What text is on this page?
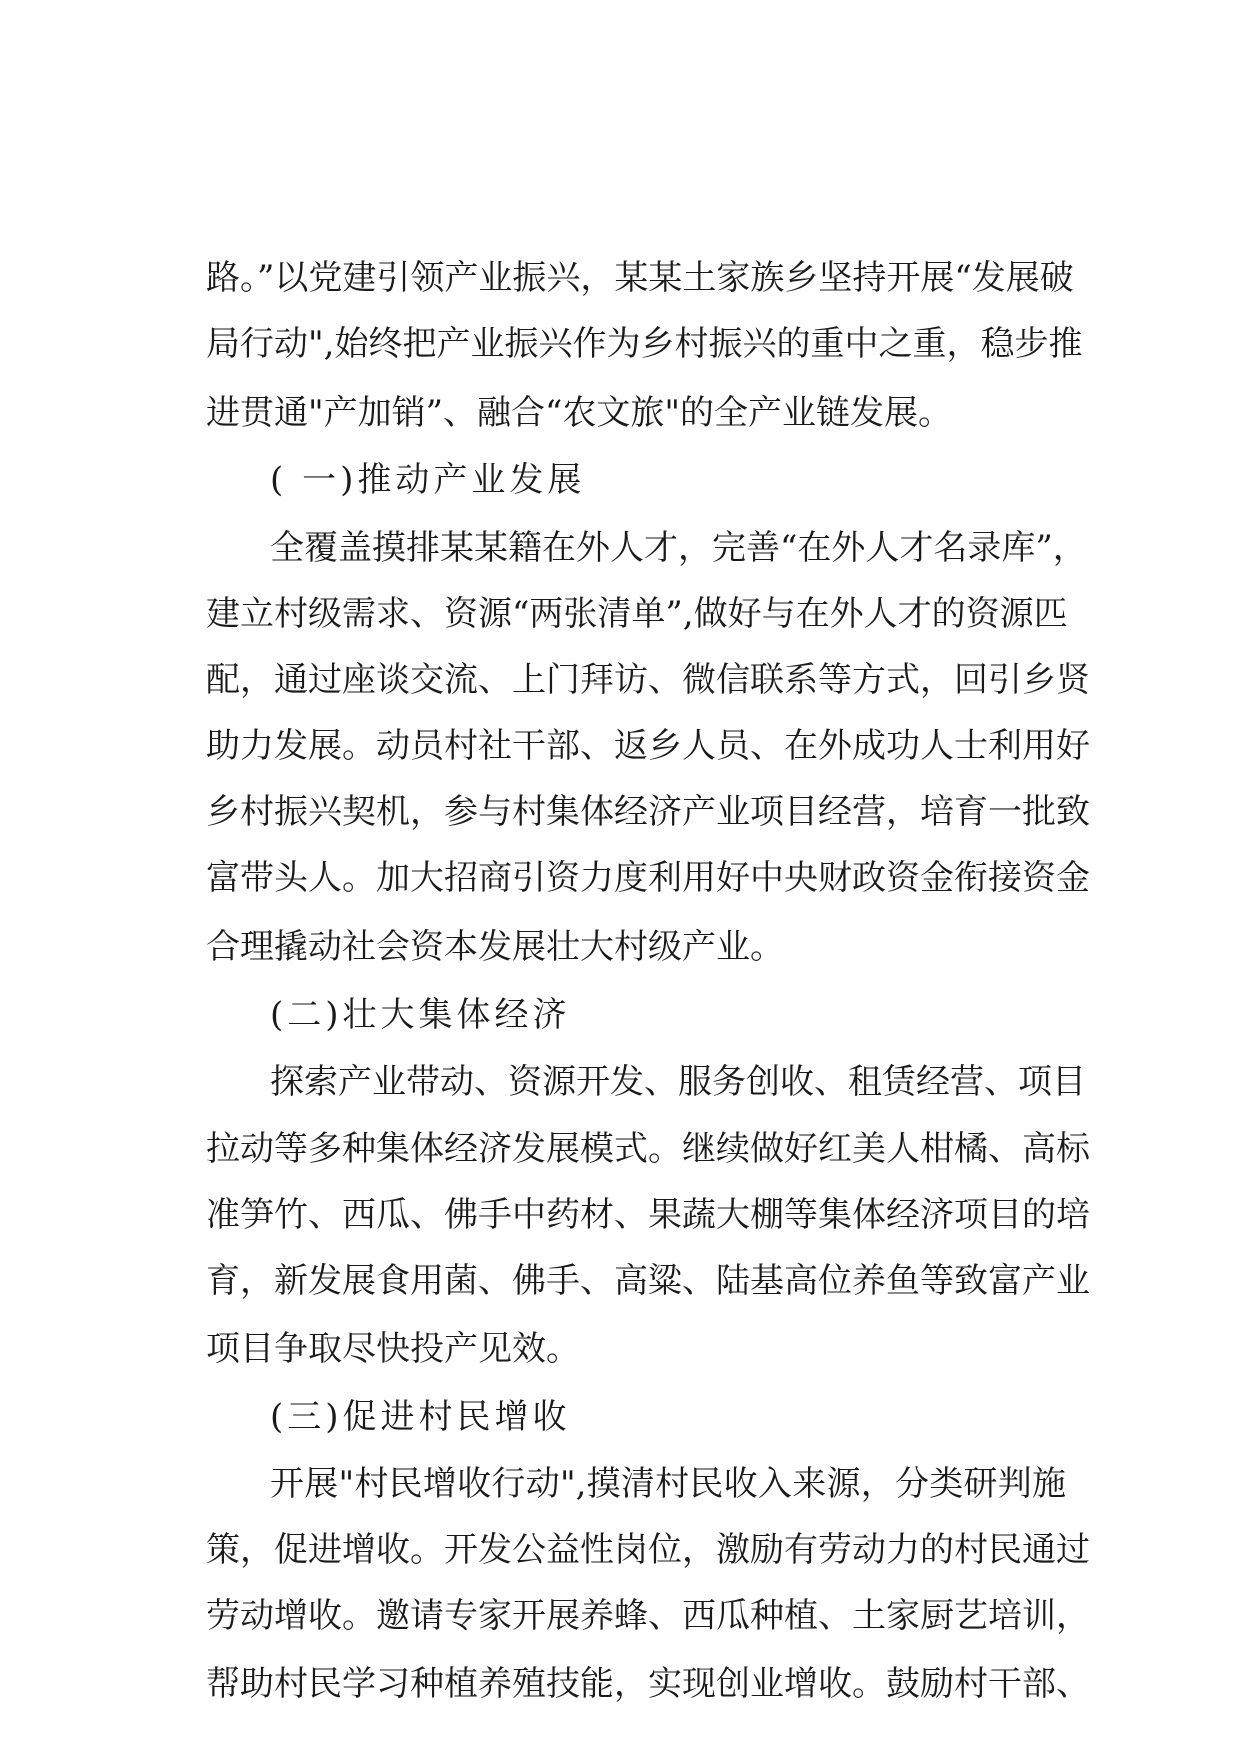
路。”以党建引领产业振兴，某某土家族乡坚持开展“发展破
局行动",始终把产业振兴作为乡村振兴的重中之重，稳步推
进贯通"产加销”、融合“农文旅"的全产业链发展。
( 一)推动产业发展
全覆盖摸排某某籍在外人才，完善“在外人才名录库”，
建立村级需求、资源“两张清单”,做好与在外人才的资源匹
配，通过座谈交流、上门拜访、微信联系等方式，回引乡贤
助力发展。动员村社干部、返乡人员、在外成功人士利用好
乡村振兴契机，参与村集体经济产业项目经营，培育一批致
富带头人。加大招商引资力度利用好中央财政资金衔接资金
合理撬动社会资本发展壮大村级产业。
(二)壮大集体经济
探索产业带动、资源开发、服务创收、租赁经营、项目
拉动等多种集体经济发展模式。继续做好红美人柑橘、高标
准笋竹、西瓜、佛手中药材、果蔬大棚等集体经济项目的培
育，新发展食用菌、佛手、高粱、陆基高位养鱼等致富产业
项目争取尽快投产见效。
(三)促进村民增收
开展"村民增收行动",摸清村民收入来源，分类研判施
策，促进增收。开发公益性岗位，激励有劳动力的村民通过
劳动增收。邀请专家开展养蜂、西瓜种植、土家厨艺培训，
帮助村民学习种植养殖技能，实现创业增收。鼓励村干部、
